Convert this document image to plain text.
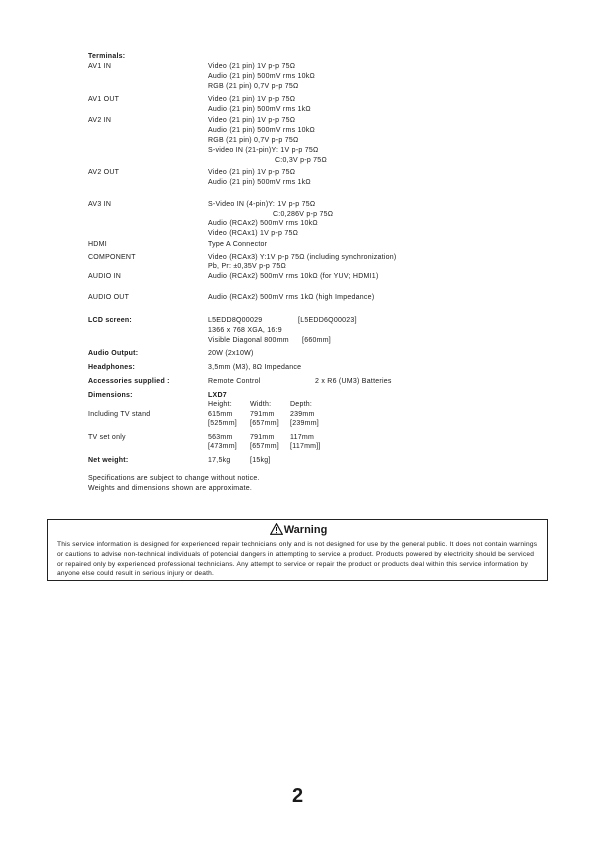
Terminals:
AV1 IN	Video (21 pin) 1V p-p 75Ω
Audio (21 pin) 500mV rms 10kΩ
RGB (21 pin) 0,7V p-p 75Ω
AV1 OUT	Video (21 pin) 1V p-p 75Ω
Audio (21 pin) 500mV rms 1kΩ
AV2 IN	Video (21 pin) 1V p-p 75Ω
Audio (21 pin) 500mV rms 10kΩ
RGB (21 pin) 0,7V p-p 75Ω
S-video IN (21-pin)Y: 1V p-p 75Ω
C:0,3V p-p 75Ω
AV2 OUT	Video (21 pin) 1V p-p 75Ω
Audio (21 pin) 500mV rms 1kΩ
AV3 IN	S-Video IN (4-pin)Y: 1V p-p 75Ω
C:0,286V p-p 75Ω
Audio (RCAx2) 500mV rms 10kΩ
Video (RCAx1) 1V p-p 75Ω
HDMI	Type A Connector
COMPONENT	Video (RCAx3) Y:1V p-p 75Ω (including synchronization)
Pb, Pr: ±0,35V p-p 75Ω
AUDIO IN	Audio (RCAx2) 500mV rms 10kΩ (for YUV; HDMI1)
AUDIO OUT	Audio (RCAx2) 500mV rms 1kΩ (high Impedance)
LCD screen:	L5EDD8Q00029	[L5EDD6Q00023]
1366 x 768 XGA, 16:9
Visible Diagonal 800mm [660mm]
Audio Output:	20W (2x10W)
Headphones:	3,5mm (M3), 8Ω Impedance
Accessories supplied :	Remote Control	2 x R6 (UM3) Batteries
Dimensions:	LXD7
Height:	Width:	Depth:
Including TV stand	615mm 791mm 239mm
[525mm] [657mm] [239mm]
TV set only	563mm 791mm 117mm
[473mm] [657mm] [117mm]]
Net weight:	17,5kg	[15kg]
Specifications are subject to change without notice.
Weights and dimensions shown are approximate.
Warning
This service information is designed for experienced repair technicians only and is not designed for use by the general public. It does not contain warnings or cautions to advise non-technical individuals of potencial dangers in attempting to service a product. Products powered by electricity should be serviced or repaired only by experienced professional technicians. Any attempt to service or repair the product or products deal within this service information by anyone else could result in serious injury or death.
2
